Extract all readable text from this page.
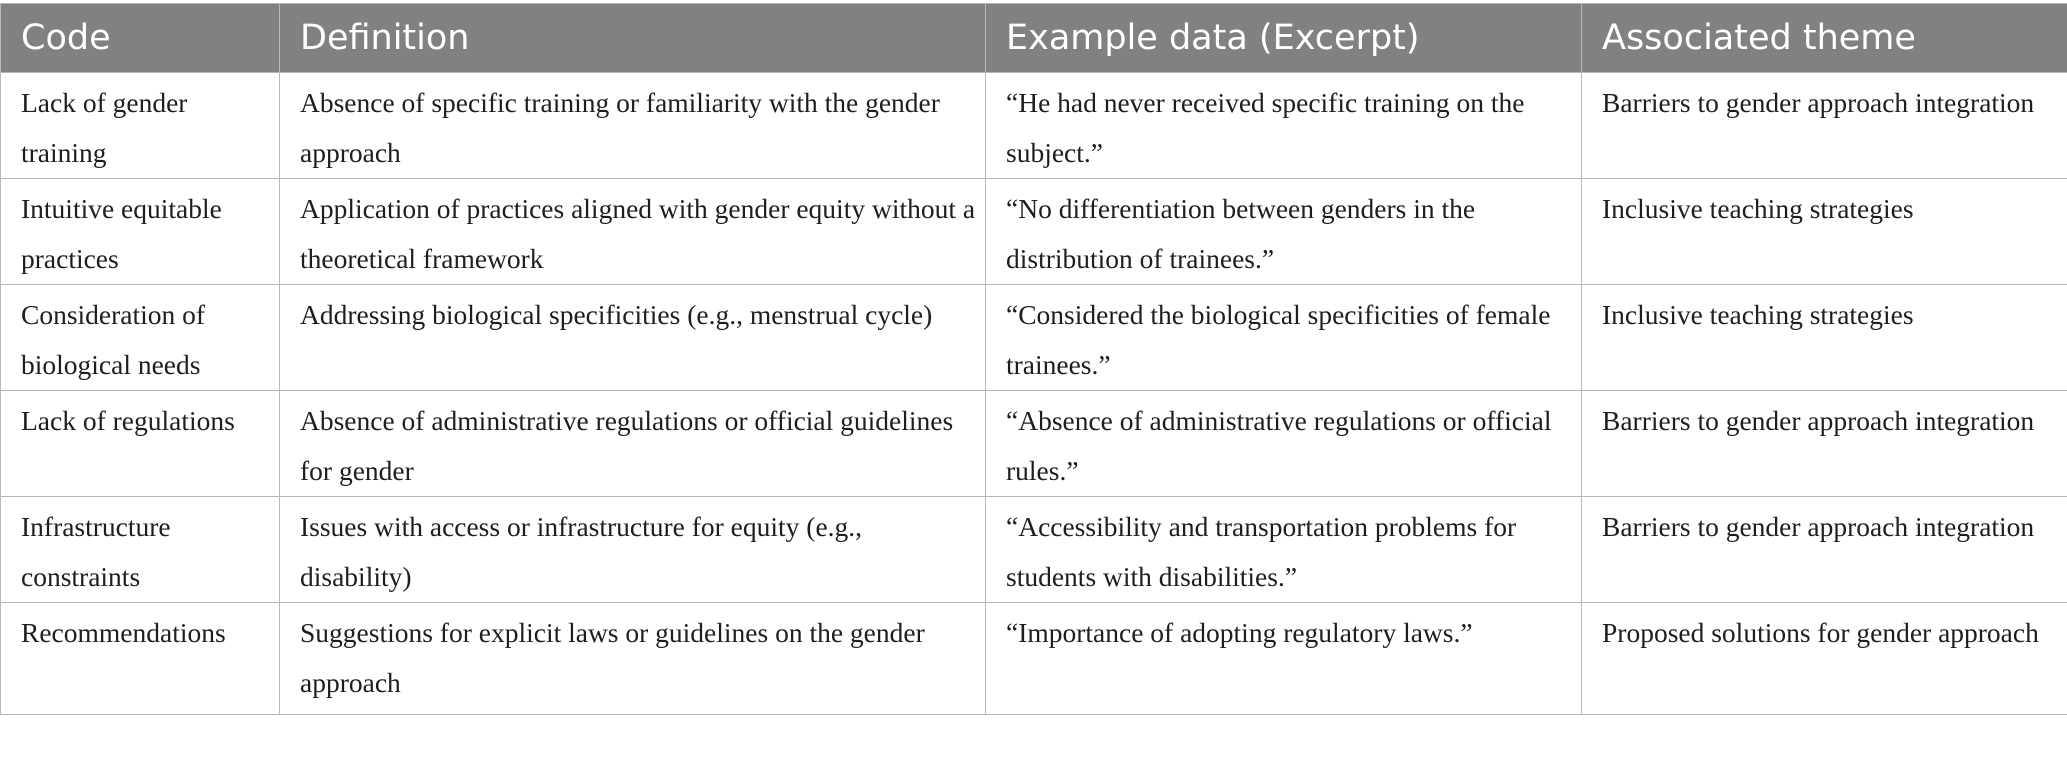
Code	Definition	Example data (Excerpt)	Associated theme
Lack of gender training	Absence of specific training or familiarity with the gender approach	“He had never received specific training on the subject.”	Barriers to gender approach integration
Intuitive equitable practices	Application of practices aligned with gender equity without a theoretical framework	“No differentiation between genders in the distribution of trainees.”	Inclusive teaching strategies
Consideration of biological needs	Addressing biological specificities (e.g., menstrual cycle)	“Considered the biological specificities of female trainees.”	Inclusive teaching strategies
Lack of regulations	Absence of administrative regulations or official guidelines for gender	“Absence of administrative regulations or official rules.”	Barriers to gender approach integration
Infrastructure constraints	Issues with access or infrastructure for equity (e.g., disability)	“Accessibility and transportation problems for students with disabilities.”	Barriers to gender approach integration
Recommendations	Suggestions for explicit laws or guidelines on the gender approach	“Importance of adopting regulatory laws.”	Proposed solutions for gender approach
